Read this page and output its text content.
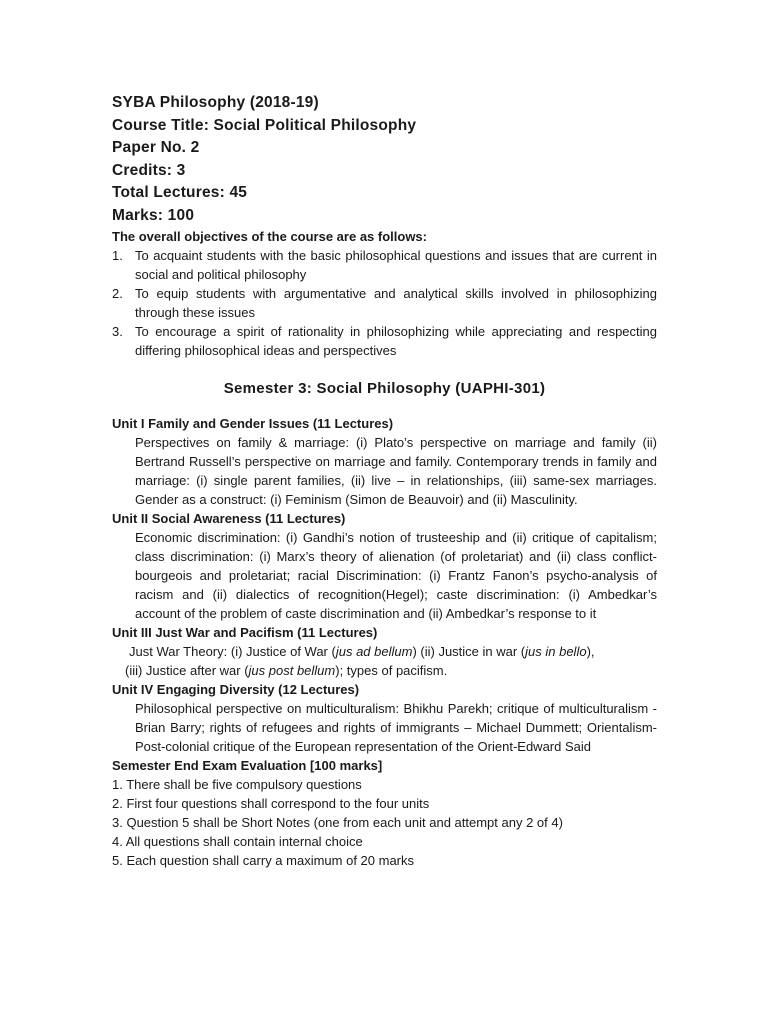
SYBA Philosophy (2018-19)
Course Title: Social Political Philosophy
Paper No. 2
Credits: 3
Total Lectures: 45
Marks: 100
The overall objectives of the course are as follows:
1. To acquaint students with the basic philosophical questions and issues that are current in social and political philosophy
2. To equip students with argumentative and analytical skills involved in philosophizing through these issues
3. To encourage a spirit of rationality in philosophizing while appreciating and respecting differing philosophical ideas and perspectives
Semester 3: Social Philosophy (UAPHI-301)
Unit I Family and Gender Issues (11 Lectures)
Perspectives on family & marriage: (i) Plato’s perspective on marriage and family (ii) Bertrand Russell’s perspective on marriage and family. Contemporary trends in family and marriage: (i) single parent families, (ii) live – in relationships, (iii) same-sex marriages. Gender as a construct: (i) Feminism (Simon de Beauvoir) and (ii) Masculinity.
Unit II Social Awareness (11 Lectures)
Economic discrimination: (i) Gandhi’s notion of trusteeship and (ii) critique of capitalism; class discrimination: (i) Marx’s theory of alienation (of proletariat) and (ii) class conflict-bourgeois and proletariat; racial Discrimination: (i) Frantz Fanon’s psycho-analysis of racism and (ii) dialectics of recognition(Hegel); caste discrimination: (i) Ambedkar’s account of the problem of caste discrimination and (ii) Ambedkar’s response to it
Unit III Just War and Pacifism (11 Lectures)
Just War Theory: (i) Justice of War (jus ad bellum) (ii) Justice in war (jus in bello),
(iii) Justice after war (jus post bellum); types of pacifism.
Unit IV Engaging Diversity (12 Lectures)
Philosophical perspective on multiculturalism: Bhikhu Parekh; critique of multiculturalism - Brian Barry; rights of refugees and rights of immigrants – Michael Dummett; Orientalism- Post-colonial critique of the European representation of the Orient-Edward Said
Semester End Exam Evaluation [100 marks]
1. There shall be five compulsory questions
2. First four questions shall correspond to the four units
3. Question 5 shall be Short Notes (one from each unit and attempt any 2 of 4)
4. All questions shall contain internal choice
5. Each question shall carry a maximum of 20 marks
